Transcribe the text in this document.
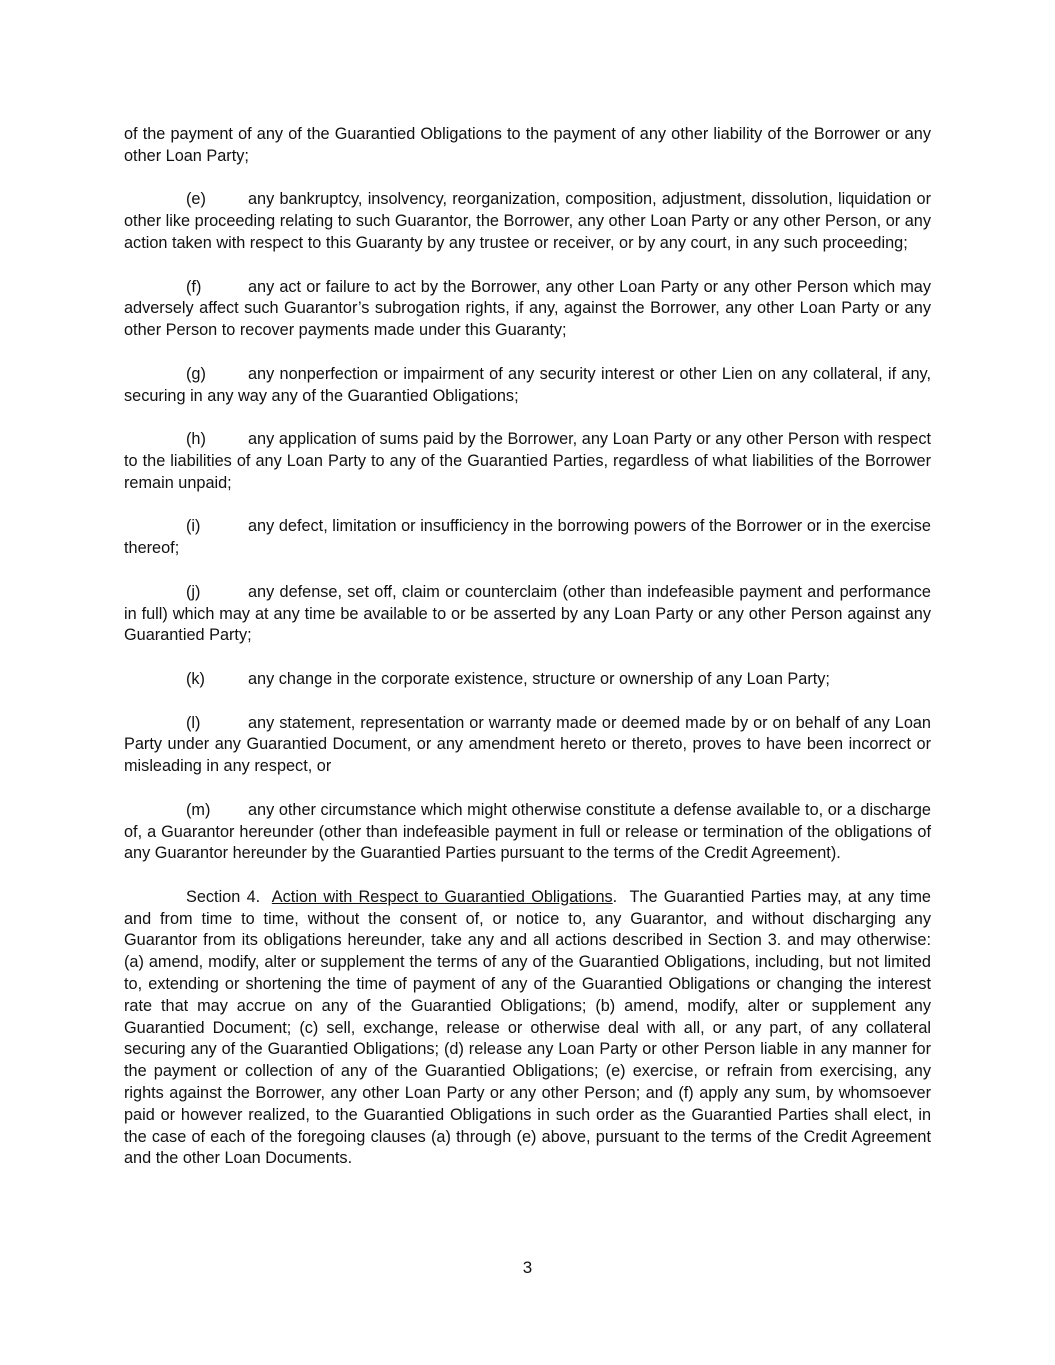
of the payment of any of the Guarantied Obligations to the payment of any other liability of the Borrower or any other Loan Party;

(e)	any bankruptcy, insolvency, reorganization, composition, adjustment, dissolution, liquidation or other like proceeding relating to such Guarantor, the Borrower, any other Loan Party or any other Person, or any action taken with respect to this Guaranty by any trustee or receiver, or by any court, in any such proceeding;

(f)	any act or failure to act by the Borrower, any other Loan Party or any other Person which may adversely affect such Guarantor’s subrogation rights, if any, against the Borrower, any other Loan Party or any other Person to recover payments made under this Guaranty;

(g)	any nonperfection or impairment of any security interest or other Lien on any collateral, if any, securing in any way any of the Guarantied Obligations;

(h)	any application of sums paid by the Borrower, any Loan Party or any other Person with respect to the liabilities of any Loan Party to any of the Guarantied Parties, regardless of what liabilities of the Borrower remain unpaid;

(i)	any defect, limitation or insufficiency in the borrowing powers of the Borrower or in the exercise thereof;

(j)	any defense, set off, claim or counterclaim (other than indefeasible payment and performance in full) which may at any time be available to or be asserted by any Loan Party or any other Person against any Guarantied Party;

(k)	any change in the corporate existence, structure or ownership of any Loan Party;

(l)	any statement, representation or warranty made or deemed made by or on behalf of any Loan Party under any Guarantied Document, or any amendment hereto or thereto, proves to have been incorrect or misleading in any respect, or

(m) any other circumstance which might otherwise constitute a defense available to, or a discharge of, a Guarantor hereunder (other than indefeasible payment in full or release or termination of the obligations of any Guarantor hereunder by the Guarantied Parties pursuant to the terms of the Credit Agreement).

Section 4. Action with Respect to Guarantied Obligations. The Guarantied Parties may, at any time and from time to time, without the consent of, or notice to, any Guarantor, and without discharging any Guarantor from its obligations hereunder, take any and all actions described in Section 3. and may otherwise: (a) amend, modify, alter or supplement the terms of any of the Guarantied Obligations, including, but not limited to, extending or shortening the time of payment of any of the Guarantied Obligations or changing the interest rate that may accrue on any of the Guarantied Obligations; (b) amend, modify, alter or supplement any Guarantied Document; (c) sell, exchange, release or otherwise deal with all, or any part, of any collateral securing any of the Guarantied Obligations; (d) release any Loan Party or other Person liable in any manner for the payment or collection of any of the Guarantied Obligations; (e) exercise, or refrain from exercising, any rights against the Borrower, any other Loan Party or any other Person; and (f) apply any sum, by whomsoever paid or however realized, to the Guarantied Obligations in such order as the Guarantied Parties shall elect, in the case of each of the foregoing clauses (a) through (e) above, pursuant to the terms of the Credit Agreement and the other Loan Documents.

3
